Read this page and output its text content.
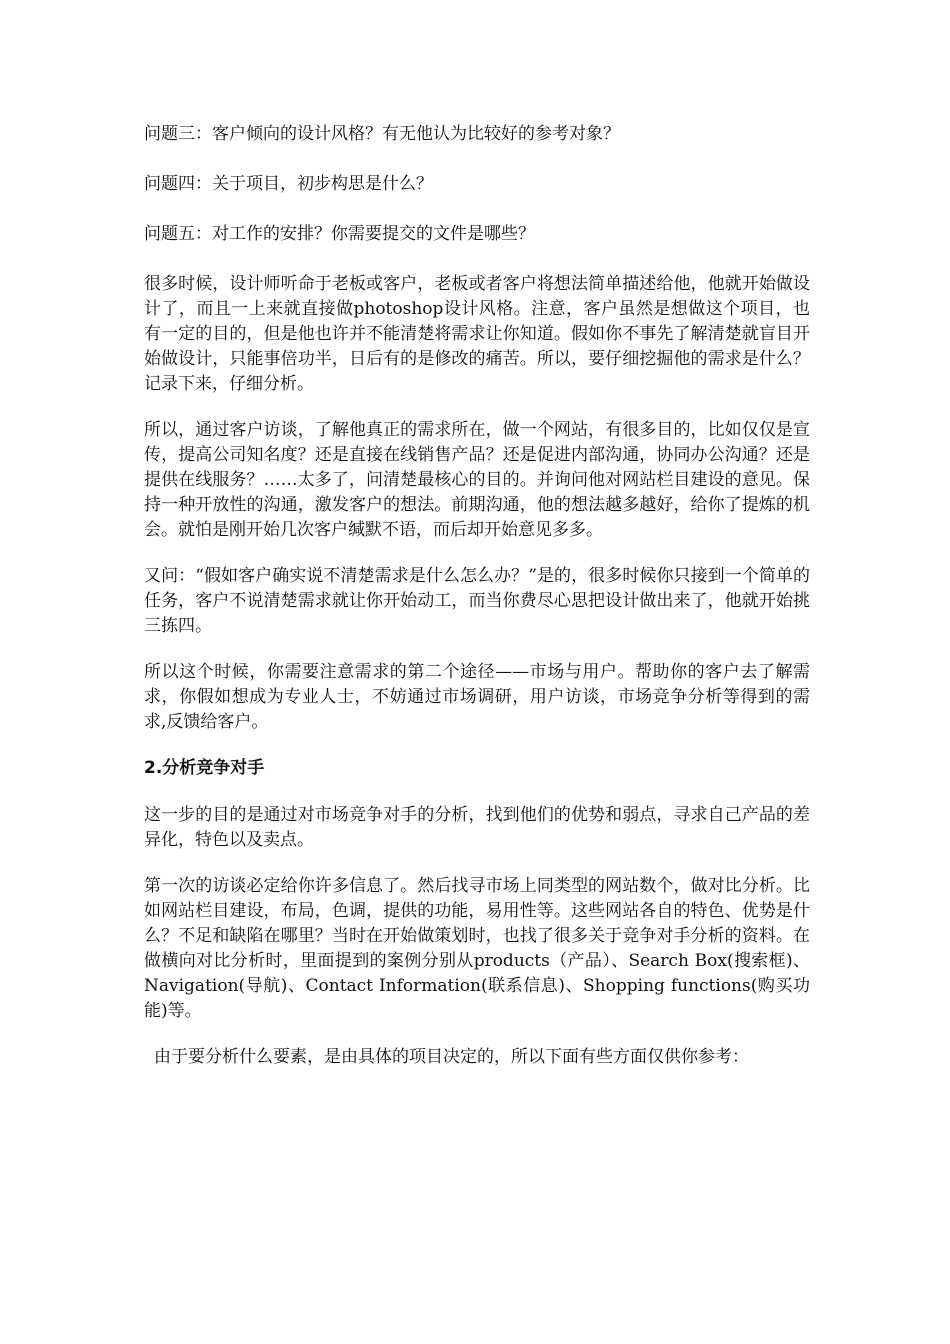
问题三：客户倾向的设计风格？有无他认为比较好的参考对象？

问题四：关于项目，初步构思是什么？

问题五：对工作的安排？你需要提交的文件是哪些？

很多时候，设计师听命于老板或客户，老板或者客户将想法简单描述给他，他就开始做设计了，而且一上来就直接做photoshop设计风格。注意，客户虽然是想做这个项目，也有一定的目的，但是他也许并不能清楚将需求让你知道。假如你不事先了解清楚就盲目开始做设计，只能事倍功半，日后有的是修改的痛苦。所以，要仔细挖掘他的需求是什么？记录下来，仔细分析。

所以，通过客户访谈，了解他真正的需求所在，做一个网站，有很多目的，比如仅仅是宣传，提高公司知名度？还是直接在线销售产品？还是促进内部沟通，协同办公沟通？还是提供在线服务？……太多了，问清楚最核心的目的。并询问他对网站栏目建设的意见。保持一种开放性的沟通，激发客户的想法。前期沟通，他的想法越多越好，给你了提炼的机会。就怕是刚开始几次客户缄默不语，而后却开始意见多多。

又问：“假如客户确实说不清楚需求是什么怎么办？”是的，很多时候你只接到一个简单的任务，客户不说清楚需求就让你开始动工，而当你费尽心思把设计做出来了，他就开始挑三拣四。

所以这个时候，你需要注意需求的第二个途径——市场与用户。帮助你的客户去了解需求，你假如想成为专业人士，不妨通过市场调研，用户访谈，市场竞争分析等得到的需求,反馈给客户。

2.分析竞争对手

这一步的目的是通过对市场竞争对手的分析，找到他们的优势和弱点，寻求自己产品的差异化，特色以及卖点。

第一次的访谈必定给你许多信息了。然后找寻市场上同类型的网站数个，做对比分析。比如网站栏目建设，布局，色调，提供的功能，易用性等。这些网站各自的特色、优势是什么？不足和缺陷在哪里？当时在开始做策划时，也找了很多关于竞争对手分析的资料。在做横向对比分析时，里面提到的案例分别从products（产品）、Search Box(搜索框)、Navigation(导航)、Contact Information(联系信息)、Shopping functions(购买功能)等。

由于要分析什么要素，是由具体的项目决定的，所以下面有些方面仅供你参考：
